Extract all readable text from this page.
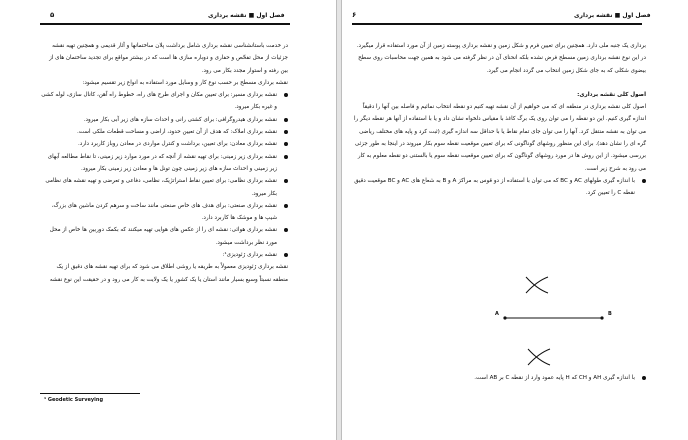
فصل اول ■ نقشه برداری
۵

در خدمت باستانشناسی نقشه برداری شامل برداشت پلان ساختمانها و آثار قدیمی و همچنین تهیه نقشه جزئیات از محل تفحّص و حفاری و دوباره سازی ها است که در بیشتر مواقع برای تجدید ساختمان های از بین رفته و استوار مجدد بکار می رود.

نقشه برداری مسطح بر حسب نوع کار و وسایل مورد استفاده به انواع زیر تقسیم میشود:

نقشه برداری مسیر: برای تعیین مکان و اجرای طرح های راه، خطوط راه آهن، کانال سازی، لوله کشی و غیره بکار میرود.
نقشه برداری هیدروگرافی: برای کشتی رانی و احداث سازه های زیر آبی بکار میرود.
نقشه برداری املاک: که هدف از آن تعیین حدود، اراضی و مساحت قطعات ملکی است.
نقشه برداری معادن: برای تعیین، برداشت و کنترل مواردی در معادن روباز کاربرد دارد.
نقشه برداری زیر زمینی: برای تهیه نقشه از آنچه که در مورد موارد زیر زمینی، تا نقاط مطالعه آبهای زیر زمینی و احداث سازه های زیر زمینی چون تونل ها و معادن زیر زمینی بکار میرود.
نقشه برداری نظامی: برای تعیین نقاط استراتژیک، نظامی، دفاعی و تعرضی و تهیه نقشه های نظامی بکار میرود.
نقشه برداری صنعتی: برای هدف های خاص صنعتی مانند ساخت و سرهم کردن ماشین های بزرگ، شیپ ها و موشک ها کاربرد دارد.
نقشه برداری هوائی: نقشه ای را از عکس های هوایی تهیه میکنند که بکمک دوربین ها خاص از محل مورد نظر برداشت میشود.
نقشه برداری ژئودیزی¹:

نقشه برداری ژئودیزی معمولاً به طریقه یا روشی اطلاق می شود که برای تهیه نقشه های دقیق از یک منطقه نسبتاً وسیع بسیار مانند استان یا یک کشور یا یک ولایت به کار می رود و در حقیقت این نوع نقشه

¹ Geodetic Surveying
۶	فصل اول ■ نقشه برداری

برداری یک جنبه ملی دارد. همچنین برای تعیین فرم و شکل زمین و نقشه برداری پوسته زمین از آن مورد استفاده قرار میگیرد.

در این نوع نقشه برداری زمین مسطح فرض نشده بلکه انحنای آن در نظر گرفته می شود به همین جهت محاسبات روی سطح بیضوی شکلی که به جای شکل زمین انتخاب می گردد انجام می گیرد.

اصول کلی نقشه برداری:

اصول کلی نقشه برداری در منطقه ای که می خواهیم از آن نقشه تهیه کنیم دو نقطه انتخاب نمائیم و فاصله بین آنها را دقیقاً اندازه گیری کنیم. این دو نقطه را می توان روی یک برگ کاغذ با مقیاس دلخواه نشان داد و یا با استفاده از آنها هر نقطه دیگر را می توان به نقشه منتقل کرد. آنها را می توان جای تمام نقاط یا با حداقل سه اندازه گیری (ثبت کرد و پایه های مختلف ریاضی گره ای را نشان دهد). برای این منظور روشهای گوناگونی که برای تعیین موقعیت نقطه سوم بکار میروند در اینجا به طور جزئی بررسی میشود. از این روش ها در مورد روشهای گوناگون که برای تعیین موقعیت نقطه سوم یا بالستنی دو نقطه معلوم به کار می رود به شرح زیر است.

با اندازه گیری طولهای AC و BC که می توان با استفاده از دو قوس به مراکز A و B به شعاع های AC و BC موقعیت دقیق نقطه C را تعیین کرد.
A	B
با اندازه گیری AH و CH که H پایه عمود وارد از نقطه C بر AB است.
